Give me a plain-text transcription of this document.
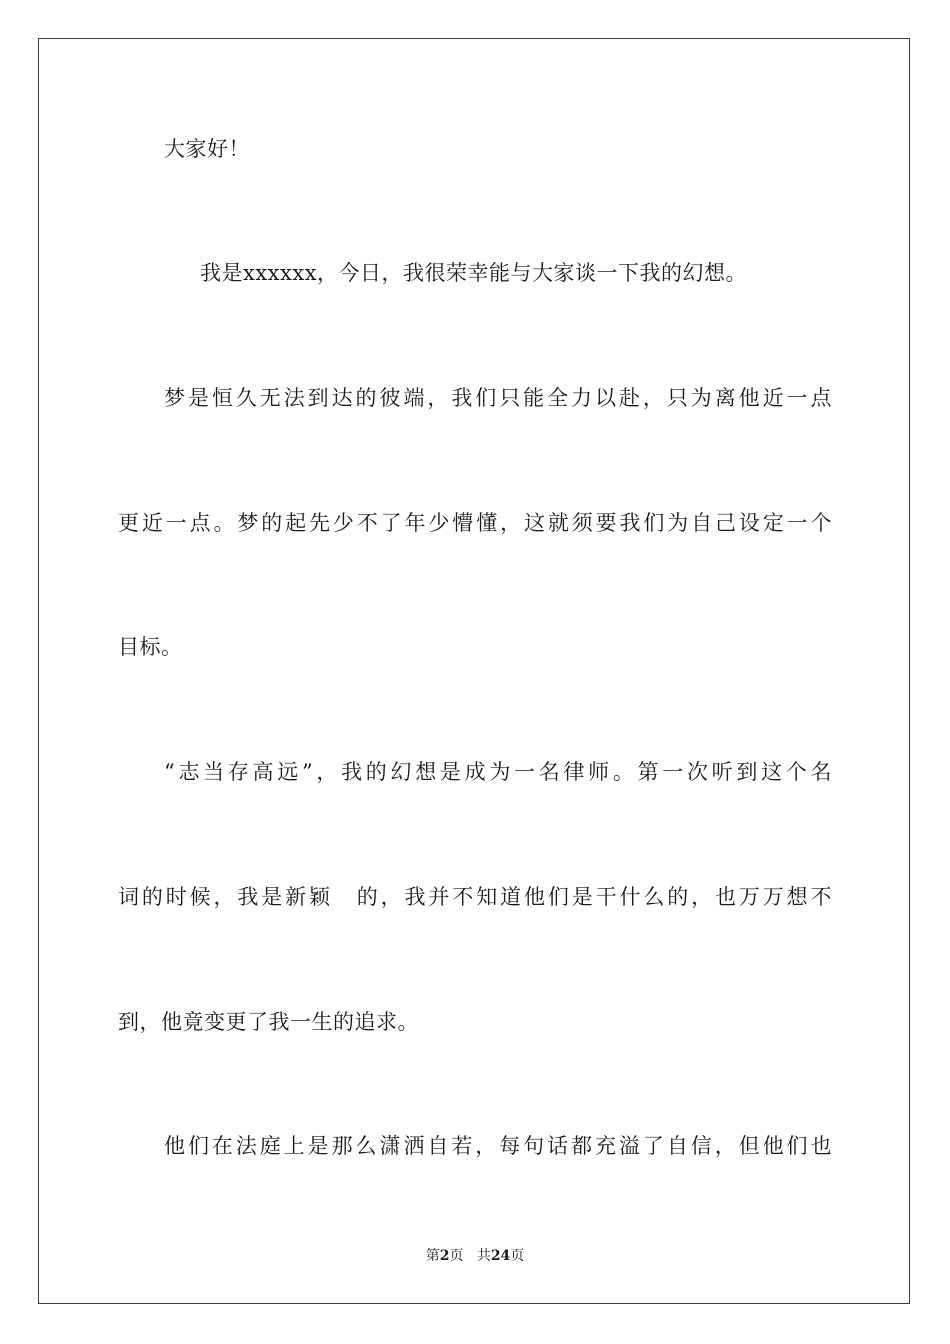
大家好！
我是xxxxxx，今日，我很荣幸能与大家谈一下我的幻想。
梦是恒久无法到达的彼端，我们只能全力以赴，只为离他近一点
更近一点。梦的起先少不了年少懵懂，这就须要我们为自己设定一个
目标。
“志当存高远”，我的幻想是成为一名律师。第一次听到这个名
词的时候，我是新颖　的，我并不知道他们是干什么的，也万万想不
到，他竟变更了我一生的追求。
他们在法庭上是那么潇洒自若，每句话都充溢了自信，但他们也
第2页 共24页
